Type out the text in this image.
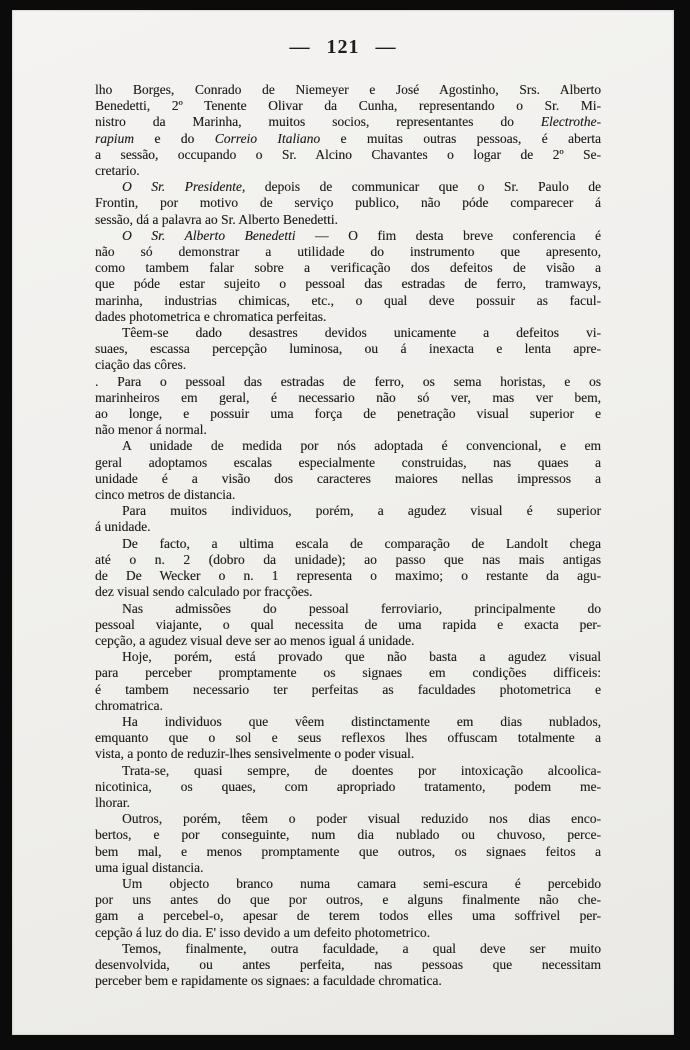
— 121 —
lho Borges, Conrado de Niemeyer e José Agostinho, Srs. Alberto
Benedetti, 2º Tenente Olivar da Cunha, representando o Sr. Mi-
nistro da Marinha, muitos socios, representantes do Electrothe-
rapium e do Correio Italiano e muitas outras pessoas, é aberta
a sessão, occupando o Sr. Alcino Chavantes o logar de 2º Se-
cretario.
O Sr. Presidente, depois de communicar que o Sr. Paulo de
Frontin, por motivo de serviço publico, não póde comparecer á
sessão, dá a palavra ao Sr. Alberto Benedetti.
O Sr. Alberto Benedetti — O fim desta breve conferencia é
não só demonstrar a utilidade do instrumento que apresento,
como tambem falar sobre a verificação dos defeitos de visão a
que póde estar sujeito o pessoal das estradas de ferro, tramways,
marinha, industrias chimicas, etc., o qual deve possuir as facul-
dades photometrica e chromatica perfeitas.
Têem-se dado desastres devidos unicamente a defeitos vi-
suaes, escassa percepção luminosa, ou á inexacta e lenta apre-
ciação das côres.
. Para o pessoal das estradas de ferro, os sema horistas, e os
marinheiros em geral, é necessario não só ver, mas ver bem,
ao longe, e possuir uma força de penetração visual superior e
não menor á normal.
A unidade de medida por nós adoptada é convencional, e em
geral adoptamos escalas especialmente construidas, nas quaes a
unidade é a visão dos caracteres maiores nellas impressos a
cinco metros de distancia.
Para muitos individuos, porém, a agudez visual é superior
á unidade.
De facto, a ultima escala de comparação de Landolt chega
até o n. 2 (dobro da unidade); ao passo que nas mais antigas
de De Wecker o n. 1 representa o maximo; o restante da agu-
dez visual sendo calculado por fracções.
Nas admissões do pessoal ferroviario, principalmente do
pessoal viajante, o qual necessita de uma rapida e exacta per-
cepção, a agudez visual deve ser ao menos igual á unidade.
Hoje, porém, está provado que não basta a agudez visual
para perceber promptamente os signaes em condições difficeis:
é tambem necessario ter perfeitas as faculdades photometrica e
chromatrica.
Ha individuos que vêem distinctamente em dias nublados,
emquanto que o sol e seus reflexos lhes offuscam totalmente a
vista, a ponto de reduzir-lhes sensivelmente o poder visual.
Trata-se, quasi sempre, de doentes por intoxicação alcoolica-
nicotinica, os quaes, com apropriado tratamento, podem me-
lhorar.
Outros, porém, têem o poder visual reduzido nos dias enco-
bertos, e por conseguinte, num dia nublado ou chuvoso, perce-
bem mal, e menos promptamente que outros, os signaes feitos a
uma igual distancia.
Um objecto branco numa camara semi-escura é percebido
por uns antes do que por outros, e alguns finalmente não che-
gam a percebel-o, apesar de terem todos elles uma soffrivel per-
cepção á luz do dia. E' isso devido a um defeito photometrico.
Temos, finalmente, outra faculdade, a qual deve ser muito
desenvolvida, ou antes perfeita, nas pessoas que necessitam
perceber bem e rapidamente os signaes: a faculdade chromatica.
